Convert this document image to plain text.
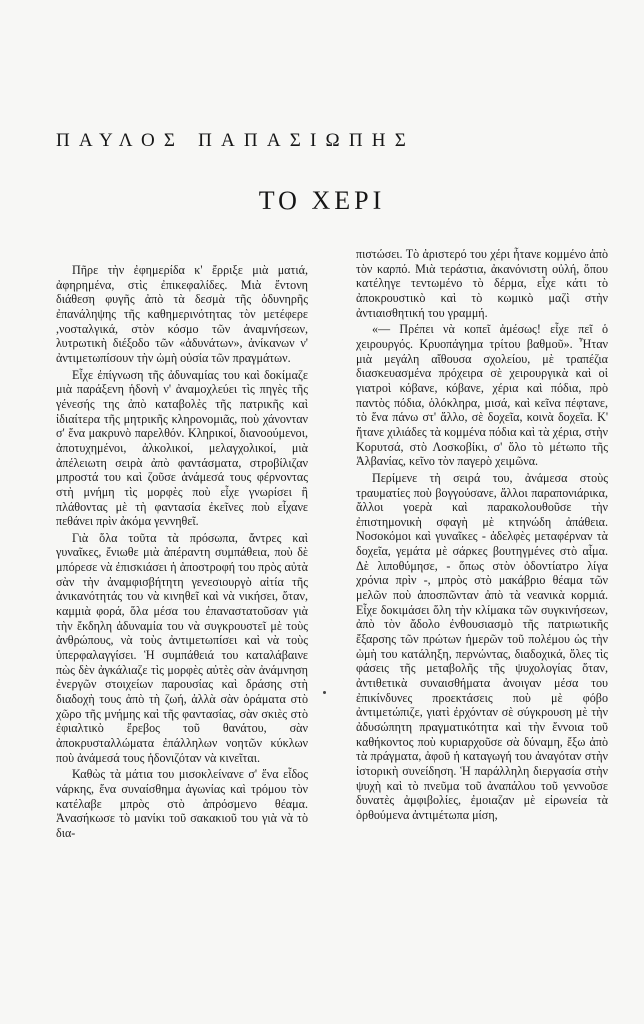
ΠΑΥΛΟΣ ΠΑΠΑΣΙΩΠΗΣ
ΤΟ ΧΕΡΙ

Πῆρε τὴν ἐφημερίδα κ' ἔρριξε μιὰ ματιά, ἀφηρημένα, στὶς ἐπικεφαλίδες. Μιὰ ἔντονη διάθεση φυγῆς ἀπὸ τὰ δεσμὰ τῆς ὀδυνηρῆς ἐπανάληψης τῆς καθημερινότητας τὸν μετέφερε ,νοσταλγικά, στὸν κόσμο τῶν ἀναμνήσεων, λυτρωτικὴ διέξοδο τῶν «ἀδυνάτων», ἀνίκανων ν' ἀντιμετωπίσουν τὴν ὠμὴ οὐσία τῶν πραγμάτων.

Εἶχε ἐπίγνωση τῆς ἀδυναμίας του καὶ δοκίμαζε μιὰ παράξενη ἡδονὴ ν' ἀναμοχλεύει τὶς πηγὲς τῆς γένεσής της ἀπὸ καταβολὲς τῆς πατρικῆς καὶ ἰδιαίτερα τῆς μητρικῆς κληρονομιᾶς, ποὺ χάνονταν σ' ἕνα μακρυνὸ παρελθόν. Κληρικοί, διανοούμενοι, ἀποτυχημένοι, ἀλκολικοί, μελαγχολικοί, μιὰ ἀπέλειωτη σειρὰ ἀπὸ φαντάσματα, στροβίλιζαν μπροστά του καὶ ζοῦσε ἀνάμεσά τους φέρνοντας στὴ μνήμη τὶς μορφὲς ποὺ εἶχε γνωρίσει ἢ πλάθοντας μὲ τὴ φαντασία ἐκεῖνες ποὺ εἶχανε πεθάνει πρὶν ἀκόμα γεννηθεῖ.

Γιὰ ὅλα τοῦτα τὰ πρόσωπα, ἄντρες καὶ γυναῖκες, ἔνιωθε μιὰ ἀπέραντη συμπάθεια, ποὺ δὲ μπόρεσε νὰ ἐπισκιάσει ἡ ἀποστροφή του πρὸς αὐτὰ σὰν τὴν ἀναμφισβήτητη γενεσιουργὸ αἰτία τῆς ἀνικανότητάς του νὰ κινηθεῖ καὶ νὰ νικήσει, ὅταν, καμμιὰ φορά, ὅλα μέσα του ἐπαναστατοῦσαν γιὰ τὴν ἔκδηλη ἀδυναμία του νὰ συγκρουστεῖ μὲ τοὺς ἀνθρώπους, νὰ τοὺς ἀντιμετωπίσει καὶ νὰ τοὺς ὑπερφαλαγγίσει. Ἡ συμπάθειά του καταλάβαινε πὼς δὲν ἀγκάλιαζε τὶς μορφὲς αὐτὲς σὰν ἀνάμνηση ἐνεργῶν στοιχείων παρουσίας καὶ δράσης στὴ διαδοχὴ τους ἀπὸ τὴ ζωή, ἀλλὰ σὰν ὁράματα στὸ χῶρο τῆς μνήμης καὶ τῆς φαντασίας, σὰν σκιὲς στὸ ἐφιαλτικὸ ἔρεβος τοῦ θανάτου, σὰν ἀποκρυσταλλώματα ἐπάλληλων νοητῶν κύκλων ποὺ ἀνάμεσά τους ἡδονιζόταν νὰ κινεῖται.

Καθὼς τὰ μάτια του μισοκλείνανε σ' ἕνα εἶδος νάρκης, ἕνα συναίσθημα ἀγωνίας καὶ τρόμου τὸν κατέλαβε μπρὸς στὸ ἀπρόσμενο θέαμα. Ἀνασήκωσε τὸ μανίκι τοῦ σακακιοῦ του γιὰ νὰ τὸ δια-

πιστώσει. Τὸ ἀριστερό του χέρι ἦτανε κομμένο ἀπὸ τὸν καρπό. Μιὰ τεράστια, ἀκανόνιστη οὐλή, ὅπου κατέληγε τεντωμένο τὸ δέρμα, εἶχε κάτι τὸ ἀποκρουστικὸ καὶ τὸ κωμικὸ μαζὶ στὴν ἀντιαισθητική του γραμμή.

«— Πρέπει νὰ κοπεῖ ἀμέσως! εἶχε πεῖ ὁ χειρουργός. Κρυοπάγημα τρίτου βαθμοῦ». Ἦταν μιὰ μεγάλη αἴθουσα σχολείου, μὲ τραπέζια διασκευασμένα πρόχειρα σὲ χειρουργικὰ καὶ οἱ γιατροὶ κόβανε, κόβανε, χέρια καὶ πόδια, πρὸ παντὸς πόδια, ὁλόκληρα, μισά, καὶ κεῖνα πέφτανε, τὸ ἕνα πάνω στ' ἄλλο, σὲ δοχεῖα, κοινὰ δοχεῖα. Κ' ἤτανε χιλιάδες τὰ κομμένα πόδια καὶ τὰ χέρια, στὴν Κορυτσά, στὸ Λοσκοβίκι, σ' ὅλο τὸ μέτωπο τῆς Ἀλβανίας, κεῖνο τὸν παγερὸ χειμῶνα.

Περίμενε τὴ σειρά του, ἀνάμεσα στοὺς τραυματίες ποὺ βογγούσανε, ἄλλοι παραπονιάρικα, ἄλλοι γοερὰ καὶ παρακολουθοῦσε τὴν ἐπιστημονικὴ σφαγὴ μὲ κτηνώδη ἀπάθεια. Νοσοκόμοι καὶ γυναῖκες - ἀδελφὲς μεταφέρναν τὰ δοχεῖα, γεμάτα μὲ σάρκες βουτηγμένες στὸ αἷμα. Δὲ λιποθύμησε, - ὅπως στὸν ὀδοντίατρο λίγα χρόνια πρὶν -, μπρὸς στὸ μακάβριο θέαμα τῶν μελῶν ποὺ ἀποσπῶνταν ἀπὸ τὰ νεανικὰ κορμιά. Εἶχε δοκιμάσει ὅλη τὴν κλίμακα τῶν συγκινήσεων, ἀπὸ τὸν ἄδολο ἐνθουσιασμὸ τῆς πατριωτικῆς ἔξαρσης τῶν πρώτων ἡμερῶν τοῦ πολέμου ὡς τὴν ὠμὴ του κατάληξη, περνώντας, διαδοχικά, ὅλες τὶς φάσεις τῆς μεταβολῆς τῆς ψυχολογίας ὅταν, ἀντιθετικὰ συναισθήματα ἀνοιγαν μέσα του ἐπικίνδυνες προεκτάσεις ποὺ μὲ φόβο ἀντιμετώπιζε, γιατὶ ἐρχόνταν σὲ σύγκρουση μὲ τὴν ἀδυσώπητη πραγματικότητα καὶ τὴν ἔννοια τοῦ καθήκοντος ποὺ κυριαρχοῦσε σὰ δύναμη, ἔξω ἀπὸ τὰ πράγματα, ἀφοῦ ἡ καταγωγή του ἀναγόταν στὴν ἱστορικὴ συνείδηση. Ἡ παράλληλη διεργασία στὴν ψυχὴ καὶ τὸ πνεῦμα τοῦ ἀναπάλου τοῦ γεννοῦσε δυνατὲς ἀμφιβολίες, ἐμοιαζαν μὲ εἰρωνεία τὰ ὀρθούμενα ἀντιμέτωπα μίση,
